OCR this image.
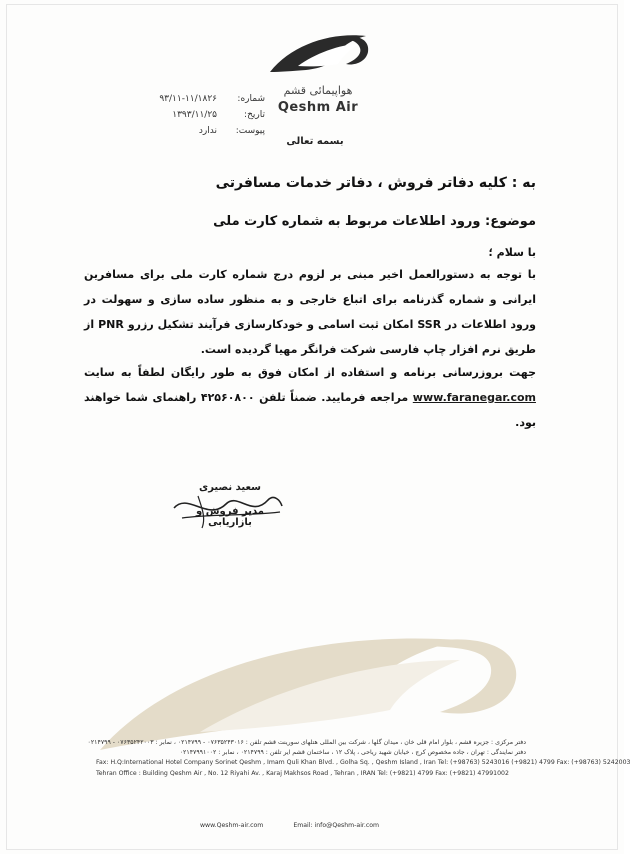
هواپیمائی قشم
Qeshm Air
شماره:
۹۳/۱۱-۱۱/۱۸۲۶
تاریخ:
۱۳۹۳/۱۱/۲۵
پیوست:
ندارد
بسمه تعالی
به : کلیه دفاتر فروش ، دفاتر خدمات مسافرتی
موضوع: ورود اطلاعات مربوط به شماره کارت ملی
با سلام ؛
با توجه به دستورالعمل اخیر مبنی بر لزوم درج شماره کارت ملی برای مسافرین ایرانی و شماره گذرنامه برای اتباع خارجی و به منظور ساده سازی و سهولت در ورود اطلاعات در SSR امکان ثبت اسامی و خودکارسازی فرآیند تشکیل رزرو PNR از طریق نرم افزار چاپ فارسی شرکت فرانگر مهیا گردیده است.
جهت بروزرسانی برنامه و استفاده از امکان فوق به طور رایگان لطفاً به سایت www.faranegar.com مراجعه فرمایید. ضمناً تلفن ۴۲۵۶۰۸۰۰ راهنمای شما خواهند بود.
سعید نصیری
مدیر فروش و بازاریابی
دفتر مرکزی : جزیره قشم ، بلوار امام قلی خان ، میدان گلها ، شرکت بین المللی هتلهای سورینت قشم تلفن : ۰۷۶۳۵۲۴۳۰۱۶ - ۰۲۱۴۷۹۹ ، نمابر : ۰۷۶۳۵۲۴۲۰۰۳ - ۰۲۱۴۷۹۹
دفتر نمایندگی : تهران ، جاده مخصوص کرج ، خیابان شهید ریاحی ، پلاک ۱۲ ، ساختمان قشم ایر تلفن : ۰۲۱۴۷۹۹ ، نمابر : ۰۲۱۴۷۹۹۱۰۰۲
Fax: H.Q:International Hotel Company Sorinet Qeshm , Imam Quli Khan Blvd. , Golha Sq. , Qeshm Island , Iran Tel: (+98763) 5243016 (+9821) 4799 Fax: (+98763) 5242003
Tehran Office : Building Qeshm Air , No. 12 Riyahi Av. , Karaj Makhsos Road , Tehran , IRAN Tel: (+9821) 4799 Fax: (+9821) 47991002
www.Qeshm-air.com	Email: info@Qeshm-air.com
